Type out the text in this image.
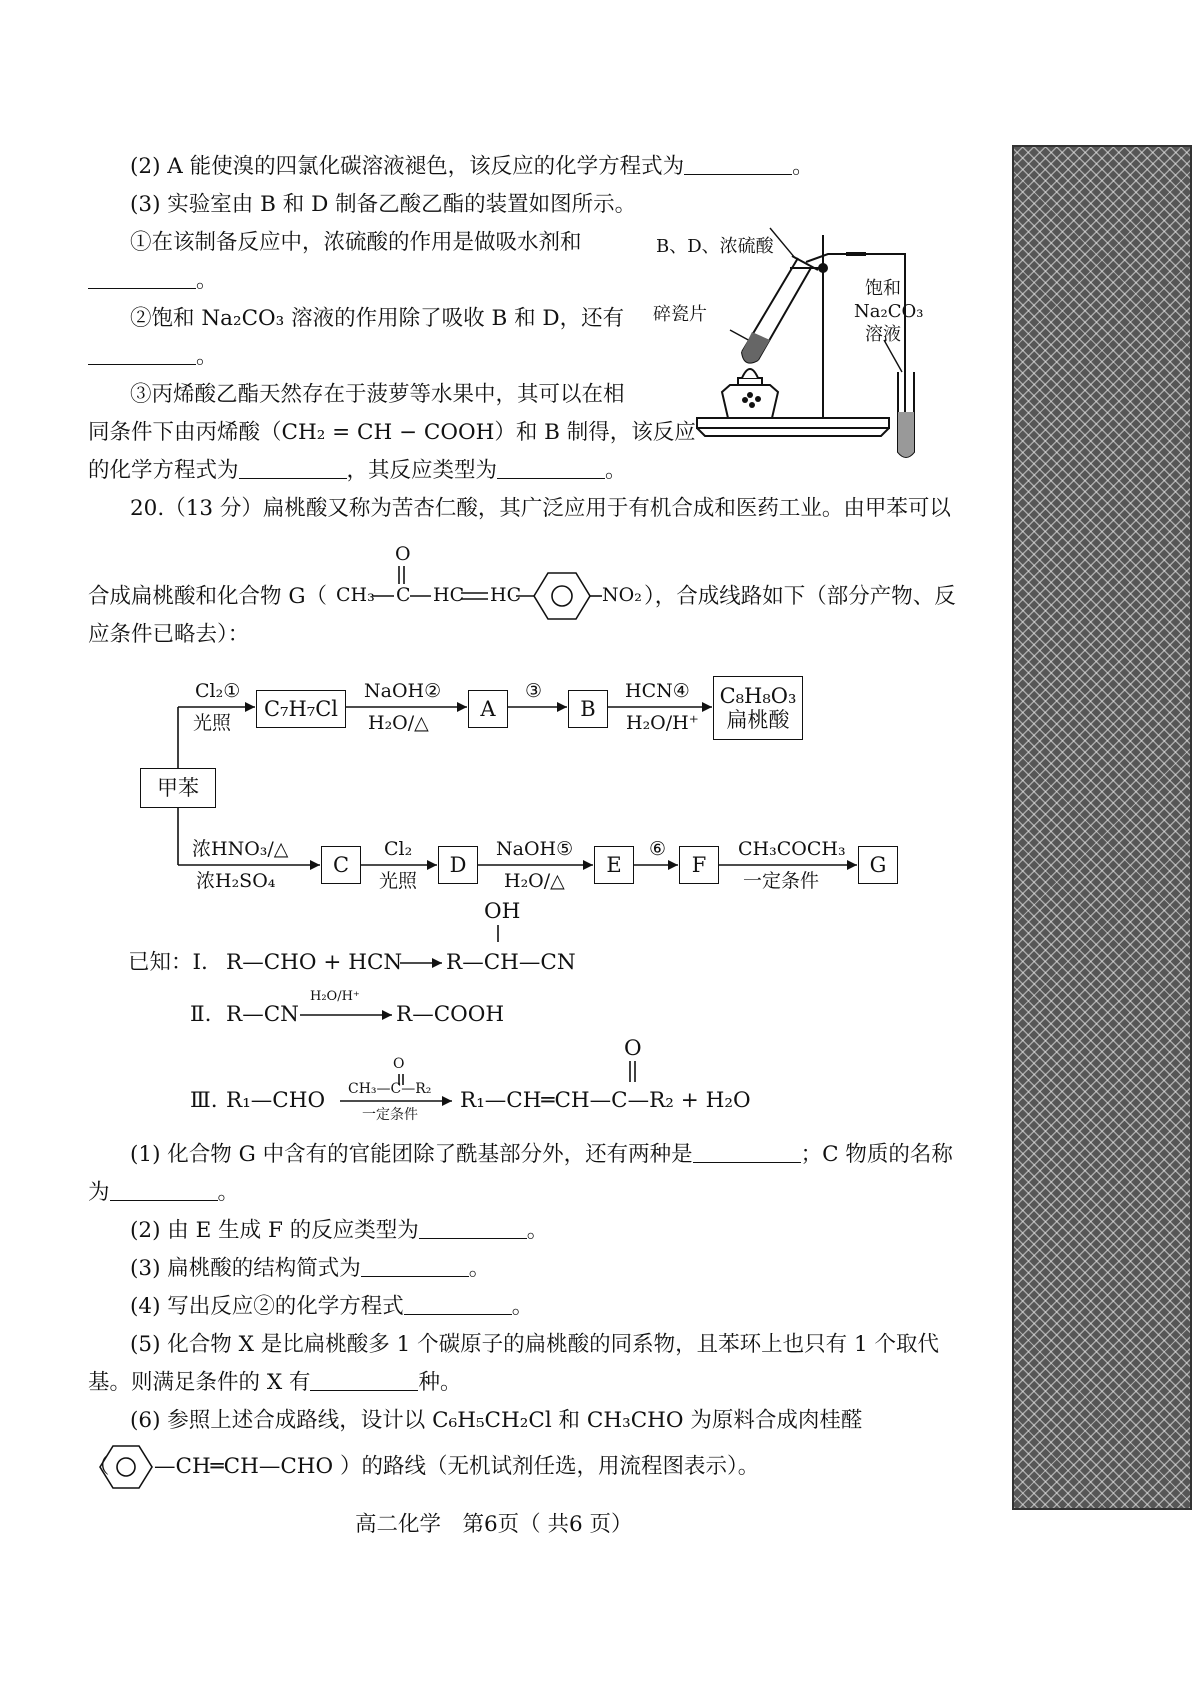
(2) A 能使溴的四氯化碳溶液褪色，该反应的化学方程式为	。
(3) 实验室由 B 和 D 制备乙酸乙酯的装置如图所示。
①在该制备反应中，浓硫酸的作用是做吸水剂和
。
②饱和 Na₂CO₃ 溶液的作用除了吸收 B 和 D，还有
。
③丙烯酸乙酯天然存在于菠萝等水果中，其可以在相
同条件下由丙烯酸（CH₂ = CH − COOH）和 B 制得，该反应
的化学方程式为	，其反应类型为	。
B、D、浓硫酸
碎瓷片
饱和
Na₂CO₃
溶液
20.（13 分）扁桃酸又称为苦杏仁酸，其广泛应用于有机合成和医药工业。由甲苯可以
合成扁桃酸和化合物 G（
O
CH₃ C HC HC	NO₂ ），合成线路如下（部分产物、反
应条件已略去）：
甲苯
C₇H₇Cl	A	B
C₈H₈O₃
扁桃酸
Cl₂①
光照
NaOH②
H₂O/△
③	HCN④
H₂O/H⁺
C	D	E	F	G
浓HNO₃/△
浓H₂SO₄
Cl₂
光照
NaOH⑤
H₂O/△
⑥	CH₃COCH₃
一定条件
已知：Ⅰ. R—CHO + HCN
OH
R—CH—CN
Ⅱ. R—CN
H₂O/H⁺
R—COOH
Ⅲ. R₁—CHO
O
CH₃—C—R₂
一定条件
O
R₁—CH═CH—C—R₂ + H₂O
(1) 化合物 G 中含有的官能团除了酰基部分外，还有两种是	；C 物质的名称
为	。
(2) 由 E 生成 F 的反应类型为	。
(3) 扁桃酸的结构简式为	。
(4) 写出反应②的化学方程式	。
(5) 化合物 X 是比扁桃酸多 1 个碳原子的扁桃酸的同系物，且苯环上也只有 1 个取代
基。则满足条件的 X 有	种。
(6) 参照上述合成路线，设计以 C₆H₅CH₂Cl 和 CH₃CHO 为原料合成肉桂醛
（ —CH═CH—CHO ）的路线（无机试剂任选，用流程图表示）。
高二化学　第6页（ 共6 页）
